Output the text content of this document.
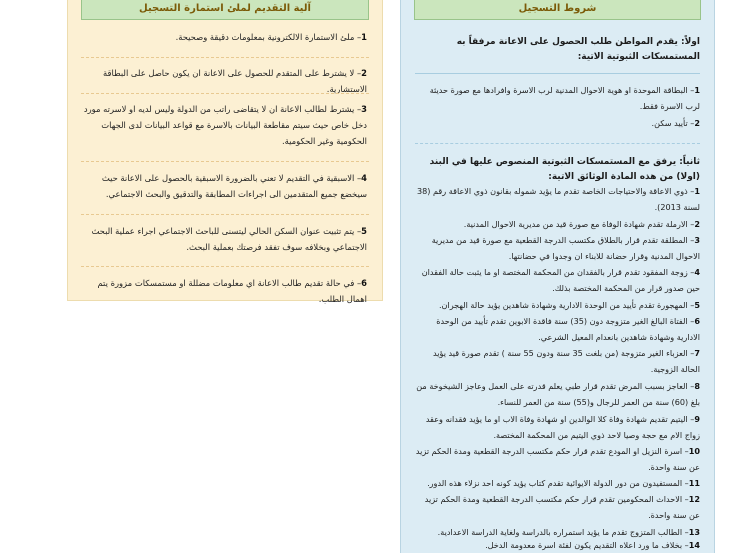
آلية التقديم لملئ استمارة التسجيل
1– ملئ الاستمارة الالكترونية بمعلومات دقيقة وصحيحة.
2– لا يشترط على المتقدم للحصول على الاعانة ان يكون حاصل على البطاقة الاستشارية.
3– يشترط لطالب الاعانة ان لا يتقاضى راتب من الدولة وليس لديه او لاسرته مورد دخل خاص حيث سيتم مقاطعة البيانات بالاسرة مع قواعد البيانات لدى الجهات الحكومية وغير الحكومية.
4– الاسبقية في التقديم لا تعني بالضرورة الاسبقية بالحصول على الاعانة حيث سيخضع جميع المتقدمين الى اجراءات المطابقة والتدقيق والبحث الاجتماعي.
5– يتم تثبيت عنوان السكن الحالي ليتسنى للباحث الاجتماعي اجراء عملية البحث الاجتماعي وبخلافه سوف تفقد فرصتك بعملية البحث.
6– في حالة تقديم طالب الاعانة اي معلومات مضللة او مستمسكات مزورة يتم اهمال الطلب.
شروط التسجيل
اولاً: يقدم المواطن طلب الحصول على الاعانة مرفقاً به المستمسكات الثبوتية الاتية:
1– البطاقة الموحدة او هوية الاحوال المدنية لرب الاسرة وافرادها مع صورة حديثة لرب الاسرة فقط.
2– تأييد سكن.
ثانياً: يرفق مع المستمسكات الثبوتية المنصوص عليها في البند (اولا) من هذه المادة الوثائق الاتية:
1– ذوي الاعاقة والاحتياجات الخاصة تقدم ما يؤيد شموله بقانون ذوي الاعاقة رقم (38 لسنة 2013).
2– الارملة تقدم شهادة الوفاة مع صورة قيد من مديرية الاحوال المدنية.
3– المطلقة تقدم قرار بالطلاق مكتسب الدرجة القطعية مع صورة قيد من مديرية الاحوال المدنية وقرار حضانة للابناء ان وجدوا في حضانتها.
4– زوجة المفقود تقدم قرار بالفقدان من المحكمة المختصة او ما يثبت حالة الفقدان حين صدور قرار من المحكمة المختصة بذلك.
5– المهجورة تقدم تأييد من الوحدة الادارية وشهادة شاهدين يؤيد حالة الهجران.
6– الفتاة البالغ الغير متزوجة دون (35) سنة فاقدة الابوين تقدم تأييد من الوحدة الادارية وشهادة شاهدين بانعدام المعيل الشرعي.
7– العزباء الغير متزوجة (من بلغت 35 سنة ودون 55 سنة ) تقدم صورة قيد يؤيد الحالة الزوجية.
8– العاجز بسبب المرض تقدم قرار طبي يعلم قدرته على العمل وعاجز الشيخوخة من بلغ (60) سنة من العمر للرجال و(55) سنة من العمر للنساء.
9– اليتيم تقديم شهادة وفاة كلا الوالدين او شهادة وفاة الاب او ما يؤيد فقدانه وعقد زواج الام مع حجة وصيا لاحد ذوي اليتيم من المحكمة المختصة.
10– اسرة النزيل او المودع تقدم قرار حكم مكتسب الدرجة القطعية ومدة الحكم تزيد عن سنة واحدة.
11– المستفيدون من دور الدولة الايوائية تقدم كتاب يؤيد كونه احد نزلاء هذه الدور.
12– الاحداث المحكومين تقدم قرار حكم مكتسب الدرجة القطعية ومدة الحكم تزيد عن سنة واحدة.
13– الطالب المتزوج تقدم ما يؤيد استمراره بالدراسة ولغاية الدراسة الاعدادية.
14– بخلاف ما ورد اعلاه التقديم يكون لفئة اسرة معدومة الدخل.
